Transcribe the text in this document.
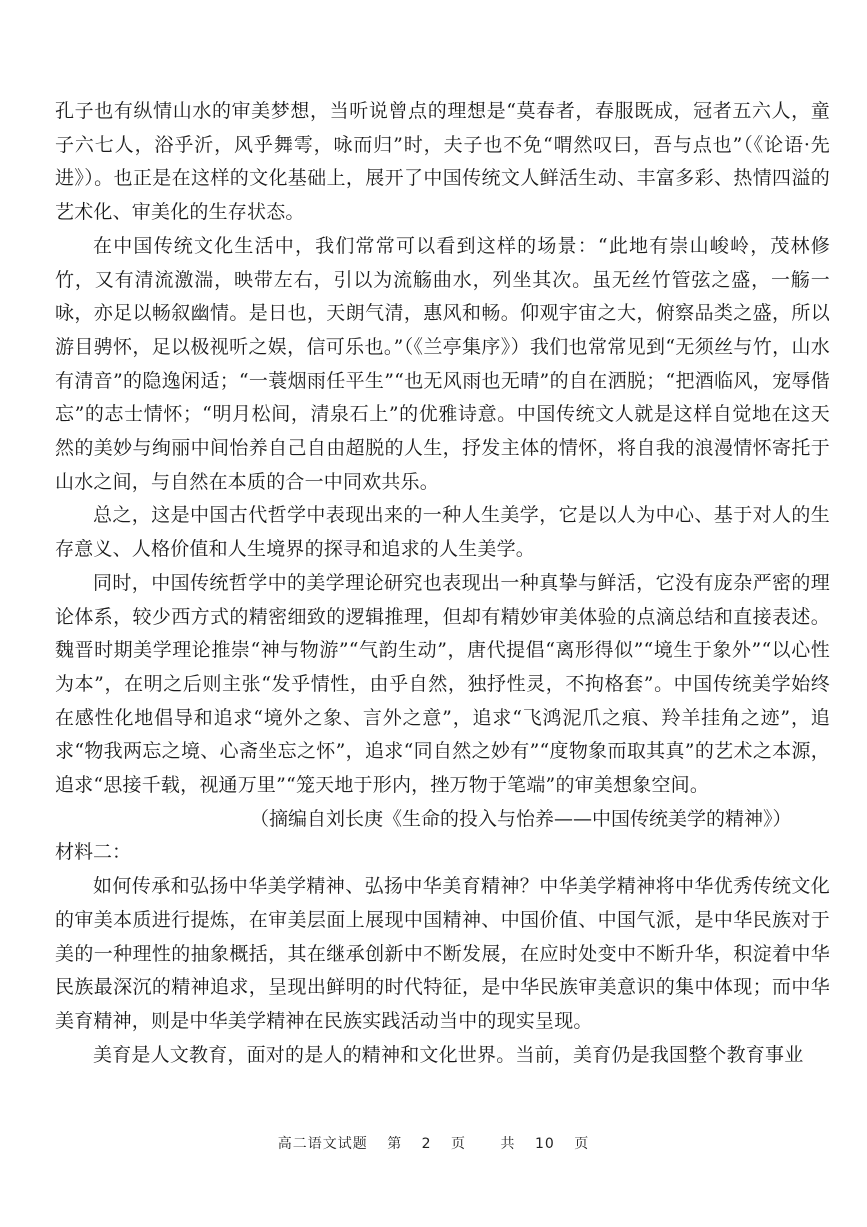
孔子也有纵情山水的审美梦想，当听说曾点的理想是“莫春者，春服既成，冠者五六人，童子六七人，浴乎沂，风乎舞雩，咏而归”时，夫子也不免“喟然叹曰，吾与点也”（《论语·先进》）。也正是在这样的文化基础上，展开了中国传统文人鲜活生动、丰富多彩、热情四溢的艺术化、审美化的生存状态。

在中国传统文化生活中，我们常常可以看到这样的场景：“此地有崇山峻岭，茂林修竹，又有清流激湍，映带左右，引以为流觞曲水，列坐其次。虽无丝竹管弦之盛，一觞一咏，亦足以畅叙幽情。是日也，天朗气清，惠风和畅。仰观宇宙之大，俯察品类之盛，所以游目骋怀，足以极视听之娱，信可乐也。”（《兰亭集序》）我们也常常见到“无须丝与竹，山水有清音”的隐逸闲适；“一蓑烟雨任平生”“也无风雨也无晴”的自在洒脱；“把酒临风，宠辱偕忘”的志士情怀；“明月松间，清泉石上”的优雅诗意。中国传统文人就是这样自觉地在这天然的美妙与绚丽中间怡养自己自由超脱的人生，抒发主体的情怀，将自我的浪漫情怀寄托于山水之间，与自然在本质的合一中同欢共乐。

总之，这是中国古代哲学中表现出来的一种人生美学，它是以人为中心、基于对人的生存意义、人格价值和人生境界的探寻和追求的人生美学。

同时，中国传统哲学中的美学理论研究也表现出一种真挚与鲜活，它没有庞杂严密的理论体系，较少西方式的精密细致的逻辑推理，但却有精妙审美体验的点滴总结和直接表述。魏晋时期美学理论推崇“神与物游”“气韵生动”，唐代提倡“离形得似”“境生于象外”“以心性为本”，在明之后则主张“发乎情性，由乎自然，独抒性灵，不拘格套”。中国传统美学始终在感性化地倡导和追求“境外之象、言外之意”，追求“飞鸿泥爪之痕、羚羊挂角之迹”，追求“物我两忘之境、心斋坐忘之怀”，追求“同自然之妙有”“度物象而取其真”的艺术之本源，追求“思接千载，视通万里”“笼天地于形内，挫万物于笔端”的审美想象空间。

（摘编自刘长庚《生命的投入与怡养——中国传统美学的精神》）

材料二：

如何传承和弘扬中华美学精神、弘扬中华美育精神？中华美学精神将中华优秀传统文化的审美本质进行提炼，在审美层面上展现中国精神、中国价值、中国气派，是中华民族对于美的一种理性的抽象概括，其在继承创新中不断发展，在应时处变中不断升华，积淀着中华民族最深沉的精神追求，呈现出鲜明的时代特征，是中华民族审美意识的集中体现；而中华美育精神，则是中华美学精神在民族实践活动当中的现实呈现。

美育是人文教育，面对的是人的精神和文化世界。当前，美育仍是我国整个教育事业

高二语文试题 第 2 页 共 10 页
